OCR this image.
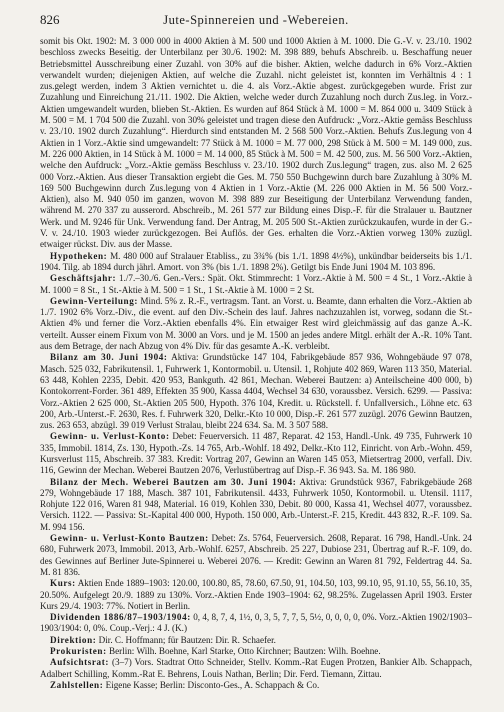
826	Jute-Spinnereien und -Webereien.

somit bis Okt. 1902: M. 3 000 000 in 4000 Aktien à M. 500 und 1000 Aktien à M. 1000. Die G.-V. v. 23./10. 1902 beschloss zwecks Beseitig. der Unterbilanz per 30./6. 1902: M. 398 889, behufs Abschreib. u. Beschaffung neuer Betriebsmittel Ausschreibung einer Zuzahl. von 30% auf die bisher. Aktien, welche dadurch in 6% Vorz.-Aktien verwandelt wurden; diejenigen Aktien, auf welche die Zuzahl. nicht geleistet ist, konnten im Verhältnis 4 : 1 zus.gelegt werden, indem 3 Aktien vernichtet u. die 4. als Vorz.-Aktie abgest. zurückgegeben wurde. Frist zur Zuzahlung und Einreichung 21./11. 1902. Die Aktien, welche weder durch Zuzahlung noch durch Zus.leg. in Vorz.-Aktien umgewandelt wurden, blieben St.-Aktien. Es wurden auf 864 Stück à M. 1000 = M. 864 000 u. 3409 Stück à M. 500 = M. 1 704 500 die Zuzahl. von 30% geleistet und tragen diese den Aufdruck: „Vorz.-Aktie gemäss Beschluss v. 23./10. 1902 durch Zuzahlung“. Hierdurch sind entstanden M. 2 568 500 Vorz.-Aktien. Behufs Zus.legung von 4 Aktien in 1 Vorz.-Aktie sind umgewandelt: 77 Stück à M. 1000 = M. 77 000, 298 Stück à M. 500 = M. 149 000, zus. M. 226 000 Aktien, in 14 Stück à M. 1000 = M. 14 000, 85 Stück à M. 500 = M. 42 500, zus. M. 56 500 Vorz.-Aktien, welche den Aufdruck: „Vorz.-Aktie gemäss Beschluss v. 23./10. 1902 durch Zus.legung“ tragen, zus. also M. 2 625 000 Vorz.-Aktien. Aus dieser Transaktion ergiebt die Ges. M. 750 550 Buchgewinn durch bare Zuzahlung à 30% M. 169 500 Buchgewinn durch Zus.legung von 4 Aktien in 1 Vorz.-Aktie (M. 226 000 Aktien in M. 56 500 Vorz.-Aktien), also M. 940 050 im ganzen, wovon M. 398 889 zur Beseitigung der Unterbilanz Verwendung fanden, während M. 270 337 zu ausserord. Abschreib., M. 261 577 zur Bildung eines Disp.-F. für die Stralauer u. Bautzner Werk. und M. 9246 für Unk. Verwendung fand. Der Antrag, M. 205 500 St.-Aktien zurückzukaufen, wurde in der G.-V. v. 24./10. 1903 wieder zurückgezogen. Bei Auflös. der Ges. erhalten die Vorz.-Aktien vorweg 130% zuzügl. etwaiger rückst. Div. aus der Masse.

Hypotheken: M. 480 000 auf Stralauer Etabliss., zu 3¾% (bis 1./1. 1898 4½%), unkündbar beiderseits bis 1./1. 1904. Tilg. ab 1894 durch jährl. Amort. von 3% (bis 1./1. 1898 2%). Getilgt bis Ende Juni 1904 M. 103 896.

Geschäftsjahr: 1./7.–30./6. Gen.-Vers.: Spät. Okt. Stimmrecht: 1 Vorz.-Aktie à M. 500 = 4 St., 1 Vorz.-Aktie à M. 1000 = 8 St., 1 St.-Aktie à M. 500 = 1 St., 1 St.-Aktie à M. 1000 = 2 St.

Gewinn-Verteilung: Mind. 5% z. R.-F., vertragsm. Tant. an Vorst. u. Beamte, dann erhalten die Vorz.-Aktien ab 1./7. 1902 6% Vorz.-Div., die event. auf den Div.-Schein des lauf. Jahres nachzuzahlen ist, vorweg, sodann die St.-Aktien 4% und ferner die Vorz.-Aktien ebenfalls 4%. Ein etwaiger Rest wird gleichmässig auf das ganze A.-K. verteilt. Ausser einem Fixum von M. 3000 an Vors. und je M. 1500 an jedes andere Mitgl. erhält der A.-R. 10% Tant. aus dem Betrage, der nach Abzug von 4% Div. für das gesamte A.-K. verbleibt.

Bilanz am 30. Juni 1904: Aktiva: Grundstücke 147 104, Fabrikgebäude 857 936, Wohngebäude 97 078, Masch. 525 032, Fabrikutensil. 1, Fuhrwerk 1, Kontormobil. u. Utensil. 1, Rohjute 402 869, Waren 113 350, Material. 63 448, Kohlen 2235, Debit. 420 953, Bankguth. 42 861, Mechan. Weberei Bautzen: a) Anteilscheine 400 000, b) Kontokorrent-Forder. 361 489, Effekten 35 900, Kassa 4404, Wechsel 34 630, voraussbez. Versich. 6299. — Passiva: Vorz.-Aktien 2 625 000, St.-Aktien 205 500, Hypoth. 376 104, Kredit. u. Rückstell. f. Unfallversich., Löhne etc. 63 200, Arb.-Unterst.-F. 2630, Res. f. Fuhrwerk 320, Delkr.-Kto 10 000, Disp.-F. 261 577 zuzügl. 2076 Gewinn Bautzen, zus. 263 653, abzügl. 39 019 Verlust Stralau, bleibt 224 634. Sa. M. 3 507 588.

Gewinn- u. Verlust-Konto: Debet: Feuerversich. 11 487, Reparat. 42 153, Handl.-Unk. 49 735, Fuhrwerk 10 335, Immobil. 1814, Zs. 130, Hypoth.-Zs. 14 765, Arb.-Wohlf. 18 492, Delkr.-Kto 112, Einricht. von Arb.-Wohn. 459, Kursverlust 115, Abschreib. 37 383. Kredit: Vortrag 207, Gewinn an Waren 145 053, Mietsertrag 2000, verfall. Div. 116, Gewinn der Mechan. Weberei Bautzen 2076, Verlustübertrag auf Disp.-F. 36 943. Sa. M. 186 980.

Bilanz der Mech. Weberei Bautzen am 30. Juni 1904: Aktiva: Grundstück 9367, Fabrikgebäude 268 279, Wohngebäude 17 188, Masch. 387 101, Fabrikutensil. 4433, Fuhrwerk 1050, Kontormobil. u. Utensil. 1117, Rohjute 122 016, Waren 81 948, Material. 16 019, Kohlen 330, Debit. 80 000, Kassa 41, Wechsel 4077, voraussbez. Versich. 1122. — Passiva: St.-Kapital 400 000, Hypoth. 150 000, Arb.-Unterst.-F. 215, Kredit. 443 832, R.-F. 109. Sa. M. 994 156.

Gewinn- u. Verlust-Konto Bautzen: Debet: Zs. 5764, Feuerversich. 2608, Reparat. 16 798, Handl.-Unk. 24 680, Fuhrwerk 2073, Immobil. 2013, Arb.-Wohlf. 6257, Abschreib. 25 227, Dubiose 231, Übertrag auf R.-F. 109, do. des Gewinnes auf Berliner Jute-Spinnerei u. Weberei 2076. — Kredit: Gewinn an Waren 81 792, Feldertrag 44. Sa. M. 81 836.

Kurs: Aktien Ende 1889–1903: 120.00, 100.80, 85, 78.60, 67.50, 91, 104.50, 103, 99.10, 95, 91.10, 55, 56.10, 35, 20.50%. Aufgelegt 20./9. 1889 zu 130%. Vorz.-Aktien Ende 1903–1904: 62, 98.25%. Zugelassen April 1903. Erster Kurs 29./4. 1903: 77%. Notiert in Berlin.

Dividenden 1886/87–1903/1904: 0, 4, 8, 7, 4, 1½, 0, 3, 5, 7, 7, 5, 5½, 0, 0, 0, 0, 0%. Vorz.-Aktien 1902/1903–1903/1904: 0, 0%. Coup.-Verj.: 4 J. (K.)

Direktion: Dir. C. Hoffmann; für Bautzen: Dir. R. Schaefer.

Prokuristen: Berlin: Wilh. Boehne, Karl Starke, Otto Kirchner; Bautzen: Wilh. Boehne.

Aufsichtsrat: (3–7) Vors. Stadtrat Otto Schneider, Stellv. Komm.-Rat Eugen Protzen, Bankier Alb. Schappach, Adalbert Schilling, Komm.-Rat E. Behrens, Louis Nathan, Berlin; Dir. Ferd. Tiemann, Zittau.

Zahlstellen: Eigene Kasse; Berlin: Disconto-Ges., A. Schappach & Co.
